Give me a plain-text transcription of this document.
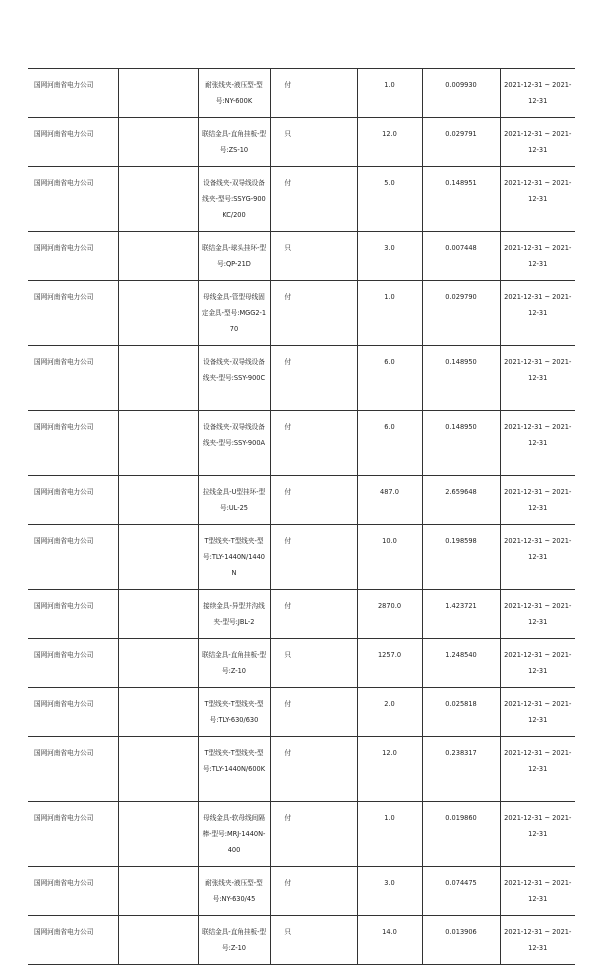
国网河南省电力公司		耐张线夹-液压型-型号:NY-600K	付	1.0	0.009930	2021-12-31 ~ 2021-12-31
国网河南省电力公司		联结金具-直角挂板-型号:ZS-10	只	12.0	0.029791	2021-12-31 ~ 2021-12-31
国网河南省电力公司		设备线夹-双导线设备线夹-型号:SSYG-900KC/200	付	5.0	0.148951	2021-12-31 ~ 2021-12-31
国网河南省电力公司		联结金具-球头挂环-型号:QP-21D	只	3.0	0.007448	2021-12-31 ~ 2021-12-31
国网河南省电力公司		母线金具-管型母线固定金具-型号:MGG2-170	付	1.0	0.029790	2021-12-31 ~ 2021-12-31
国网河南省电力公司		设备线夹-双导线设备线夹-型号:SSY-900C	付	6.0	0.148950	2021-12-31 ~ 2021-12-31
国网河南省电力公司		设备线夹-双导线设备线夹-型号:SSY-900A	付	6.0	0.148950	2021-12-31 ~ 2021-12-31
国网河南省电力公司		拉线金具-U型挂环-型号:UL-25	付	487.0	2.659648	2021-12-31 ~ 2021-12-31
国网河南省电力公司		T型线夹-T型线夹-型号:TLY-1440N/1440N	付	10.0	0.198598	2021-12-31 ~ 2021-12-31
国网河南省电力公司		接续金具-异型并沟线夹-型号:JBL-2	付	2870.0	1.423721	2021-12-31 ~ 2021-12-31
国网河南省电力公司		联结金具-直角挂板-型号:Z-10	只	1257.0	1.248540	2021-12-31 ~ 2021-12-31
国网河南省电力公司		T型线夹-T型线夹-型号:TLY-630/630	付	2.0	0.025818	2021-12-31 ~ 2021-12-31
国网河南省电力公司		T型线夹-T型线夹-型号:TLY-1440N/600K	付	12.0	0.238317	2021-12-31 ~ 2021-12-31
国网河南省电力公司		母线金具-软母线间隔棒-型号:MRJ-1440N-400	付	1.0	0.019860	2021-12-31 ~ 2021-12-31
国网河南省电力公司		耐张线夹-液压型-型号:NY-630/45	付	3.0	0.074475	2021-12-31 ~ 2021-12-31
国网河南省电力公司		联结金具-直角挂板-型号:Z-10	只	14.0	0.013906	2021-12-31 ~ 2021-12-31
